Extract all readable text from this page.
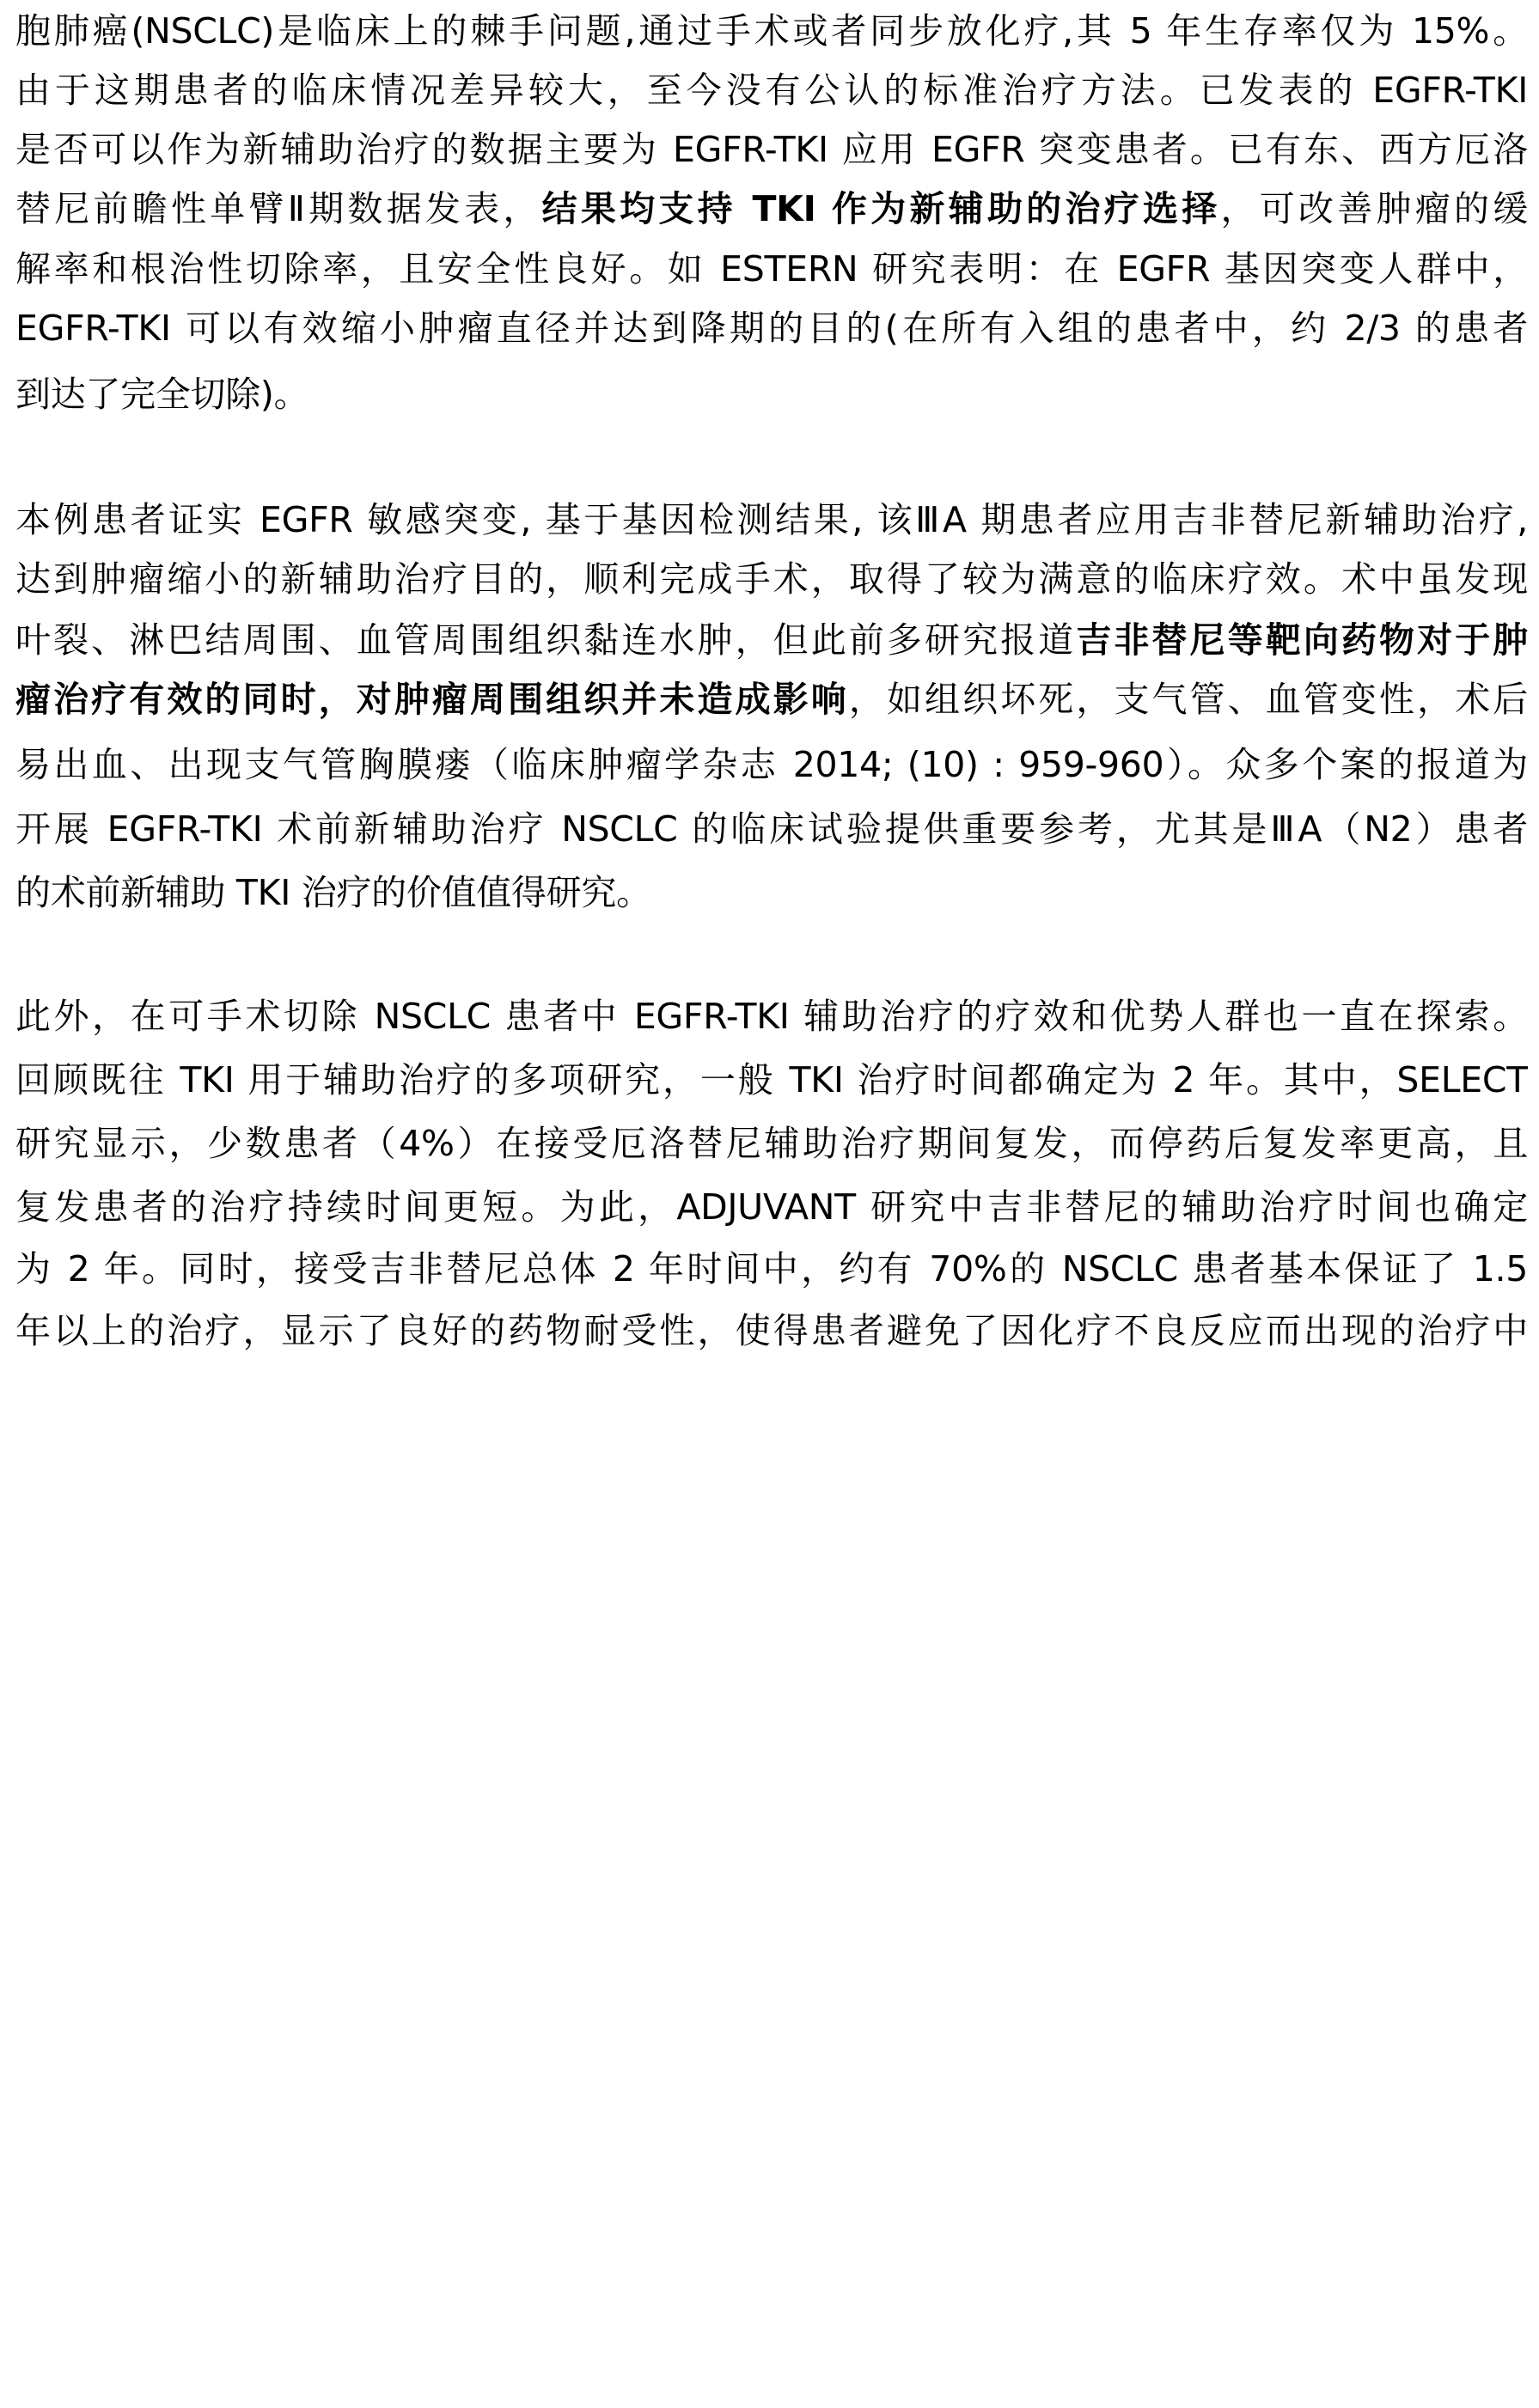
胞肺癌(NSCLC)是临床上的棘手问题,通过手术或者同步放化疗,其 5 年生存率仅为 15%。
由于这期患者的临床情况差异较大，至今没有公认的标准治疗方法。已发表的 EGFR-TKI
是否可以作为新辅助治疗的数据主要为 EGFR-TKI 应用 EGFR 突变患者。已有东、西方厄洛
替尼前瞻性单臂Ⅱ期数据发表，结果均支持 TKI 作为新辅助的治疗选择，可改善肿瘤的缓
解率和根治性切除率，且安全性良好。如 ESTERN 研究表明：在 EGFR 基因突变人群中，
EGFR-TKI 可以有效缩小肿瘤直径并达到降期的目的(在所有入组的患者中，约 2/3 的患者
到达了完全切除)。
本例患者证实 EGFR 敏感突变, 基于基因检测结果, 该ⅢA 期患者应用吉非替尼新辅助治疗,
达到肿瘤缩小的新辅助治疗目的，顺利完成手术，取得了较为满意的临床疗效。术中虽发现
叶裂、淋巴结周围、血管周围组织黏连水肿，但此前多研究报道吉非替尼等靶向药物对于肿
瘤治疗有效的同时，对肿瘤周围组织并未造成影响，如组织坏死，支气管、血管变性，术后
易出血、出现支气管胸膜瘘（临床肿瘤学杂志 2014; (10) : 959-960）。众多个案的报道为
开展 EGFR-TKI 术前新辅助治疗 NSCLC 的临床试验提供重要参考，尤其是ⅢA（N2）患者
的术前新辅助 TKI 治疗的价值值得研究。
此外，在可手术切除 NSCLC 患者中 EGFR-TKI 辅助治疗的疗效和优势人群也一直在探索。
回顾既往 TKI 用于辅助治疗的多项研究，一般 TKI 治疗时间都确定为 2 年。其中，SELECT
研究显示，少数患者（4%）在接受厄洛替尼辅助治疗期间复发，而停药后复发率更高，且
复发患者的治疗持续时间更短。为此，ADJUVANT 研究中吉非替尼的辅助治疗时间也确定
为 2 年。同时，接受吉非替尼总体 2 年时间中，约有 70%的 NSCLC 患者基本保证了 1.5
年以上的治疗，显示了良好的药物耐受性，使得患者避免了因化疗不良反应而出现的治疗中
